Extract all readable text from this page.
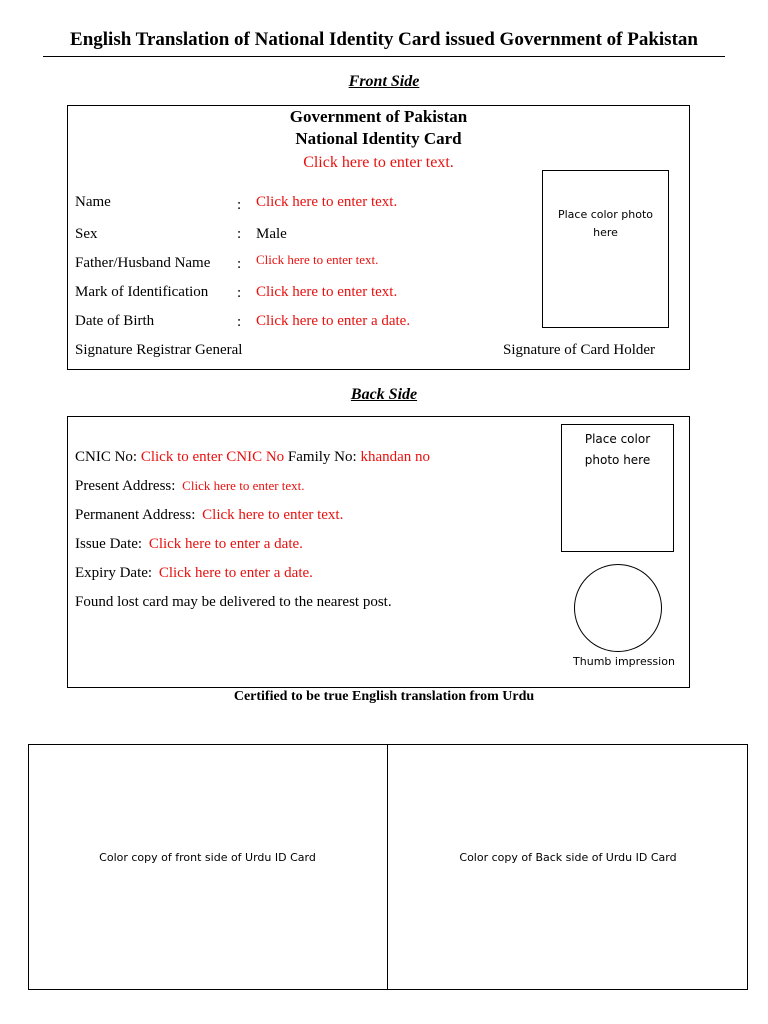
English Translation of National Identity Card issued Government of Pakistan
Front Side
Government of Pakistan
National Identity Card
Click here to enter text.
Name	: Click here to enter text.
Sex	: Male
Father/Husband Name : Click here to enter text.
Mark of Identification : Click here to enter text.
Date of Birth	: Click here to enter a date.
Signature Registrar General	Signature of Card Holder
Place color photo
here
Back Side
CNIC No: Click to enter CNIC No Family No: khandan no
Present Address: Click here to enter text.
Permanent Address: Click here to enter text.
Issue Date: Click here to enter a date.
Expiry Date: Click here to enter a date.
Found lost card may be delivered to the nearest post.
Place color
photo here
Thumb impression
Certified to be true English translation from Urdu
Color copy of front side of Urdu ID Card	Color copy of Back side of Urdu ID Card
